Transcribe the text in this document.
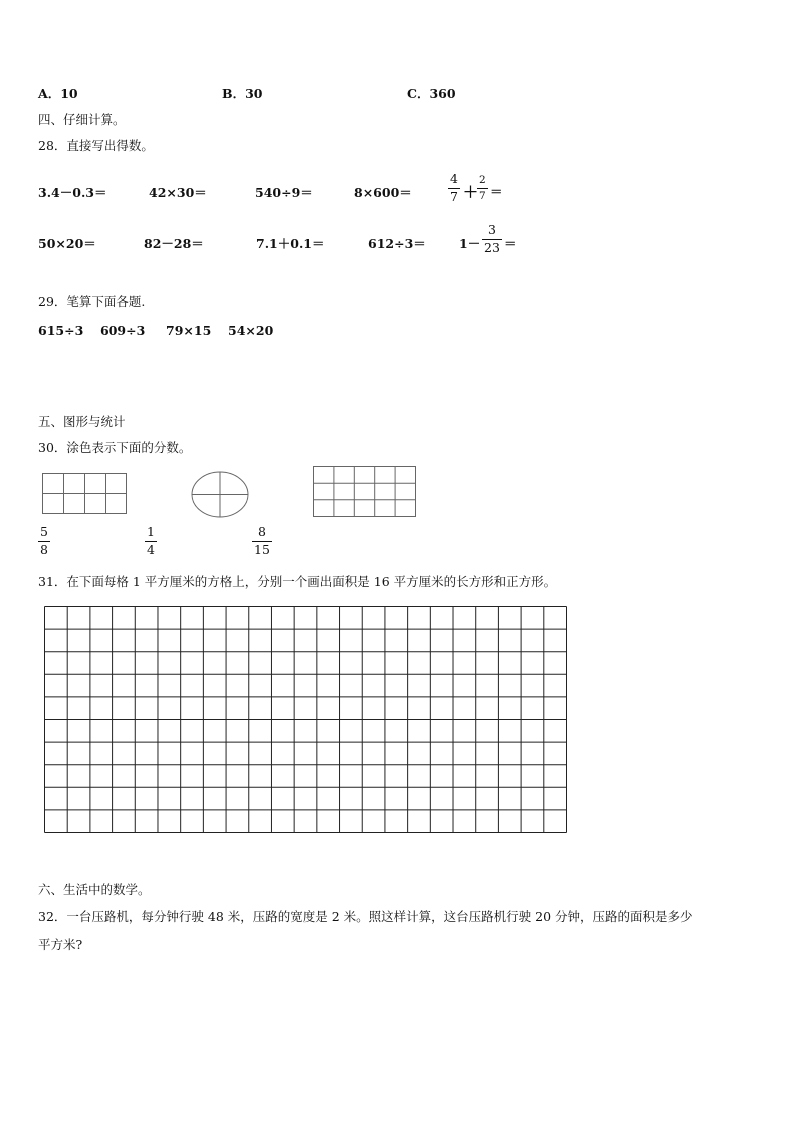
A．10	B．30	C．360
四、仔细计算。
28．直接写出得数。
3.4－0.3＝	42×30＝	540÷9＝	8×600＝
4
7 ＋
2
7 ＝
50×20＝	82－28＝	7.1＋0.1＝	612÷3＝	1－
3
23 ＝
29．笔算下面各题.
615÷3 609÷3 79×15 54×20
五、图形与统计
30．涂色表示下面的分数。
5
8
1
4
8
15
31．在下面每格 1 平方厘米的方格上，分别一个画出面积是 16 平方厘米的长方形和正方形。
六、生活中的数学。
32．一台压路机，每分钟行驶 48 米，压路的宽度是 2 米。照这样计算，这台压路机行驶 20 分钟，压路的面积是多少
平方米?
